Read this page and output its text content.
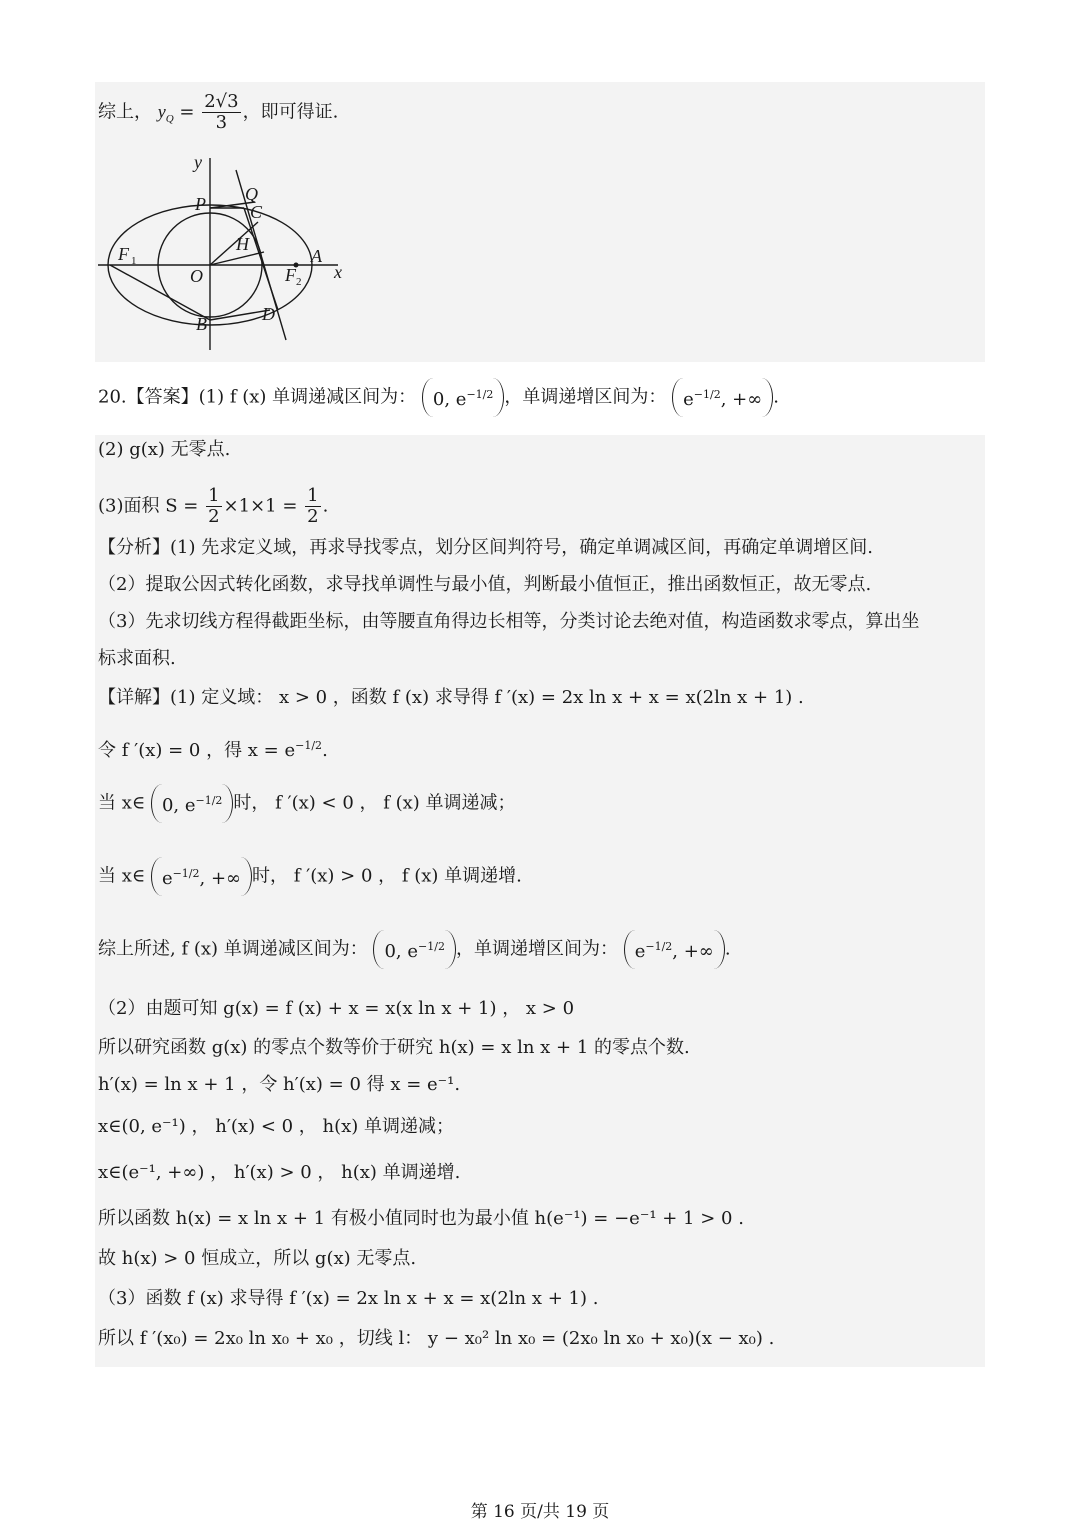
综上， $y_Q = \frac{2√3}{3}$ ，即可得证.
y
x
P Q
C
H
F 1
O
A
F 2
B	D
20.【答案】(1) f (x) 单调递减区间为： 0, $e^{-1/2}$ ，单调递增区间为： $e^{-1/2}$, +∞ .
(2) g(x) 无零点.
(3)面积 $S = \frac{1}{2} \times 1\times 1 = \frac{1}{2}$ .
【分析】(1) 先求定义域，再求导找零点，划分区间判符号，确定单调减区间，再确定单调增区间.
（2）提取公因式转化函数，求导找单调性与最小值，判断最小值恒正，推出函数恒正，故无零点.
（3）先求切线方程得截距坐标，由等腰直角得边长相等，分类讨论去绝对值，构造函数求零点，算出坐
标求面积.
【详解】(1) 定义域： x > 0 ，函数 f (x) 求导得 f ′(x) = 2x ln x + x = x(2ln x + 1) .
令 f ′(x) = 0 ，得 $x = e^{-1/2}$.
当 x∈ 0, $e^{-1/2}$ 时， f ′(x) < 0 ， f (x) 单调递减；
当 x∈ $e^{-1/2}$, +∞ 时， f ′(x) > 0 ， f (x) 单调递增.
综上所述, f (x) 单调递减区间为： 0, $e^{-1/2}$ ，单调递增区间为： $e^{-1/2}$, +∞ .
（2）由题可知 g(x) = f (x) + x = x(x ln x + 1) ， x > 0
所以研究函数 g(x) 的零点个数等价于研究 h(x) = x ln x + 1 的零点个数.
h′(x) = ln x + 1 ，令 h′(x) = 0 得 x = e⁻¹.
x∈(0, e⁻¹) ， h′(x) < 0 ， h(x) 单调递减；
x∈(e⁻¹, +∞) ， h′(x) > 0 ， h(x) 单调递增.
所以函数 h(x) = x ln x + 1 有极小值同时也为最小值 h(e⁻¹) = −e⁻¹ + 1 > 0 .
故 h(x) > 0 恒成立，所以 g(x) 无零点.
（3）函数 f (x) 求导得 f ′(x) = 2x ln x + x = x(2ln x + 1) .
所以 f ′(x₀) = 2x₀ ln x₀ + x₀ ，切线 l： y − x₀² ln x₀ = (2x₀ ln x₀ + x₀)(x − x₀) .
第 16 页/共 19 页
